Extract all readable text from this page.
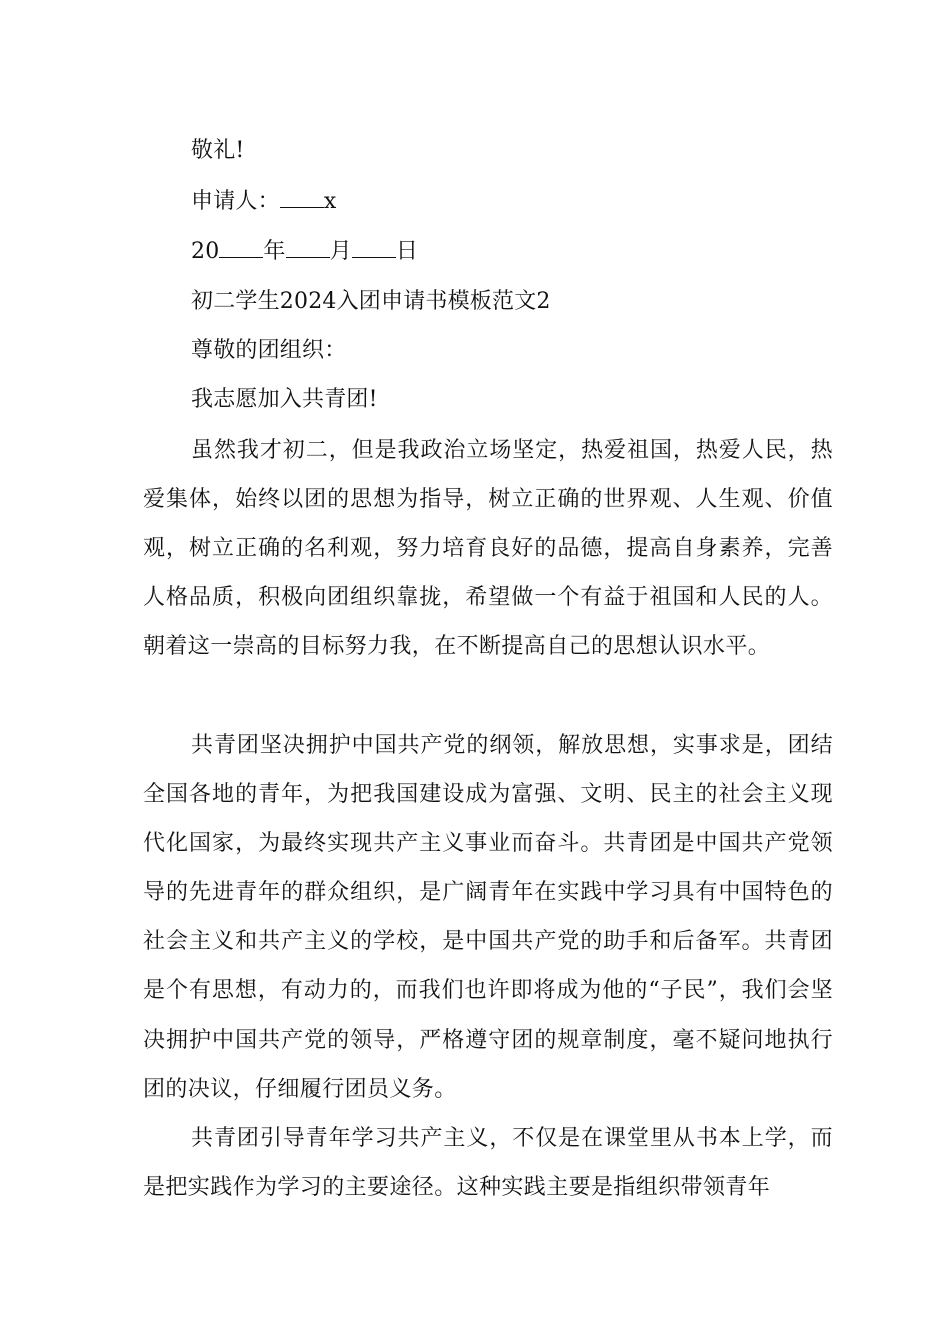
敬礼!
申请人： x
20 年 月 日
初二学生2024入团申请书模板范文2
尊敬的团组织：
我志愿加入共青团!
虽然我才初二，但是我政治立场坚定，热爱祖国，热爱人民，热爱集体，始终以团的思想为指导，树立正确的世界观、人生观、价值观，树立正确的名利观，努力培育良好的品德，提高自身素养，完善人格品质，积极向团组织靠拢，希望做一个有益于祖国和人民的人。朝着这一崇高的目标努力我，在不断提高自己的思想认识水平。
共青团坚决拥护中国共产党的纲领，解放思想，实事求是，团结全国各地的青年，为把我国建设成为富强、文明、民主的社会主义现代化国家，为最终实现共产主义事业而奋斗。共青团是中国共产党领导的先进青年的群众组织，是广阔青年在实践中学习具有中国特色的社会主义和共产主义的学校，是中国共产党的助手和后备军。共青团是个有思想，有动力的，而我们也许即将成为他的“子民”，我们会坚决拥护中国共产党的领导，严格遵守团的规章制度，毫不疑问地执行团的决议，仔细履行团员义务。
共青团引导青年学习共产主义，不仅是在课堂里从书本上学，而是把实践作为学习的主要途径。这种实践主要是指组织带领青年
